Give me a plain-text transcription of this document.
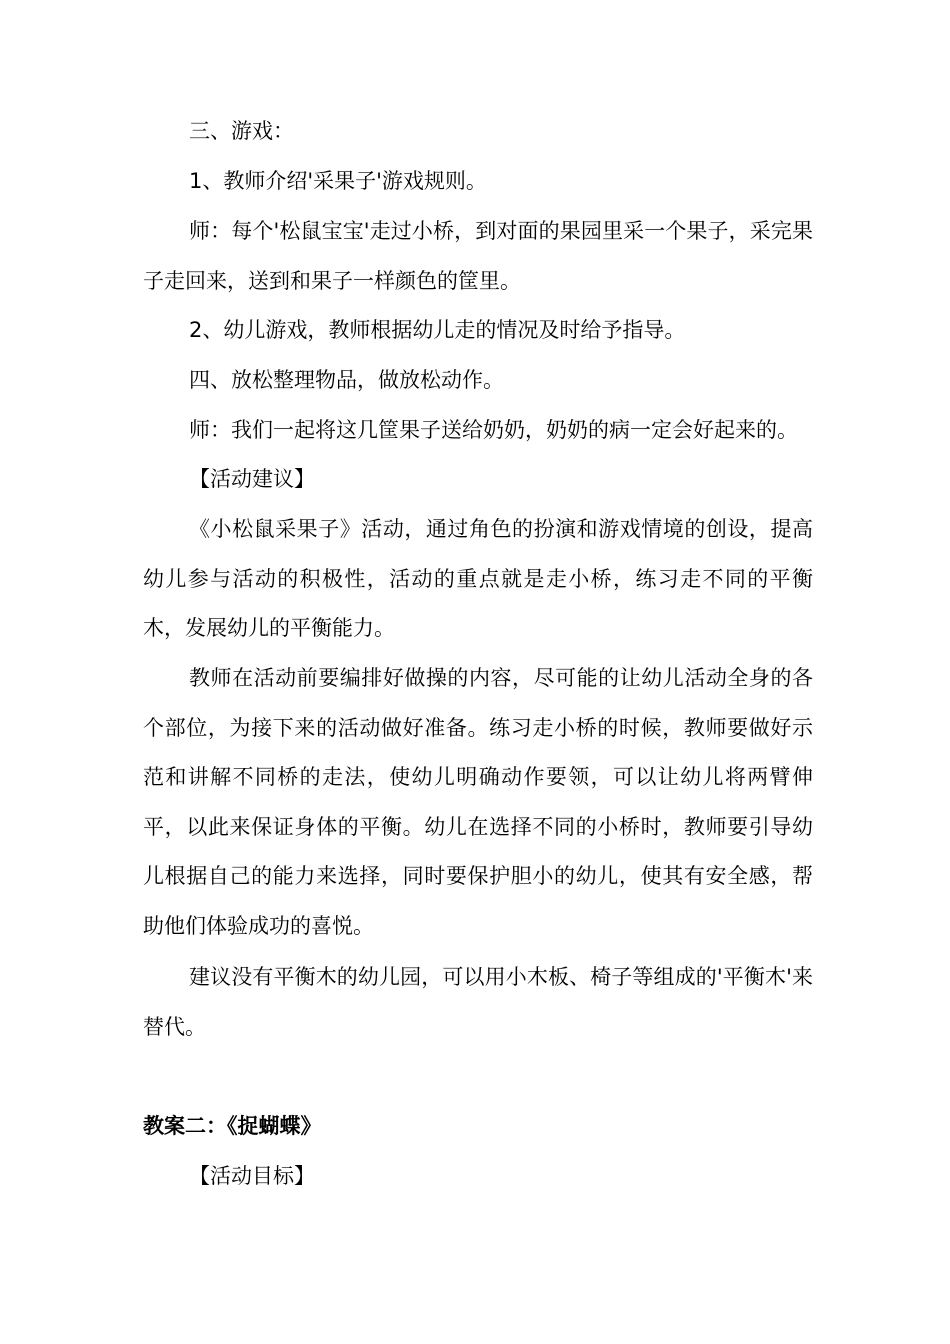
三、游戏：

1、教师介绍'采果子'游戏规则。

师：每个'松鼠宝宝'走过小桥，到对面的果园里采一个果子，采完果子走回来，送到和果子一样颜色的筐里。

2、幼儿游戏，教师根据幼儿走的情况及时给予指导。

四、放松整理物品，做放松动作。

师：我们一起将这几筐果子送给奶奶，奶奶的病一定会好起来的。

【活动建议】

《小松鼠采果子》活动，通过角色的扮演和游戏情境的创设，提高幼儿参与活动的积极性，活动的重点就是走小桥，练习走不同的平衡木，发展幼儿的平衡能力。

教师在活动前要编排好做操的内容，尽可能的让幼儿活动全身的各个部位，为接下来的活动做好准备。练习走小桥的时候，教师要做好示范和讲解不同桥的走法，使幼儿明确动作要领，可以让幼儿将两臂伸平，以此来保证身体的平衡。幼儿在选择不同的小桥时，教师要引导幼儿根据自己的能力来选择，同时要保护胆小的幼儿，使其有安全感，帮助他们体验成功的喜悦。

建议没有平衡木的幼儿园，可以用小木板、椅子等组成的'平衡木'来替代。

教案二：《捉蝴蝶》

【活动目标】
